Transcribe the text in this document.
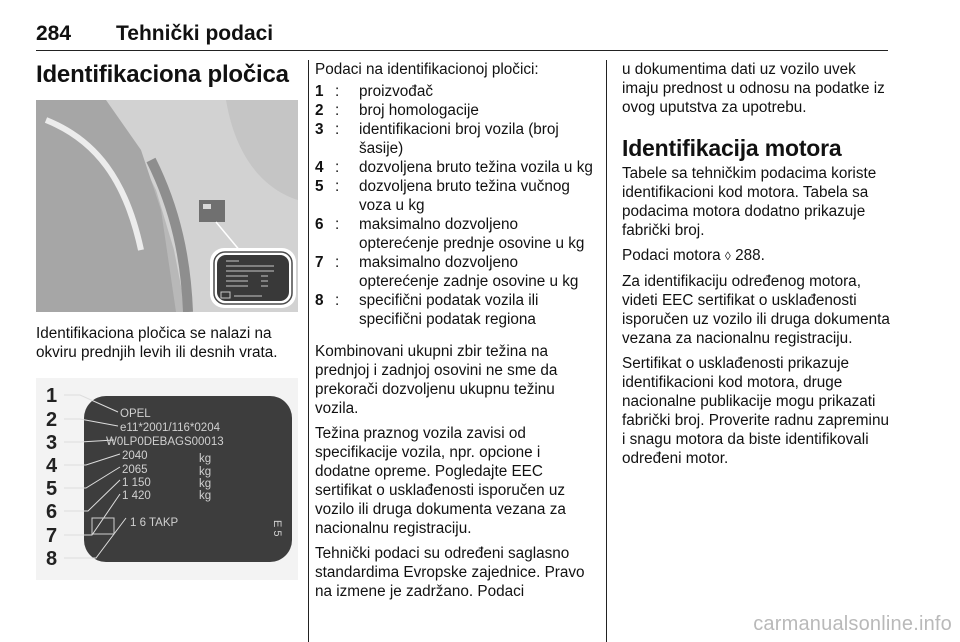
284 Tehnički podaci
Identifikaciona pločica

Identifikaciona pločica se nalazi na okviru prednjih levih ili desnih vrata.

1
2
3
4
5
6
7
8
OPEL
e11*2001/116*0204
W0LP0DEBAGS00013
2040
2065
1 150
1 420
kg
kg
kg
kg
1 6 TAKP	E 5

Podaci na identifikacionoj pločici:

1 : proizvođač
2 : broj homologacije
3 : identifikacioni broj vozila (broj šasije)
4 : dozvoljena bruto težina vozila u kg
5 : dozvoljena bruto težina vučnog voza u kg
6 : maksimalno dozvoljeno opterećenje prednje osovine u kg
7 : maksimalno dozvoljeno opterećenje zadnje osovine u kg
8 : specifični podatak vozila ili specifični podatak regiona

Kombinovani ukupni zbir težina na prednjoj i zadnjoj osovini ne sme da prekorači dozvoljenu ukupnu težinu vozila.

Težina praznog vozila zavisi od specifikacije vozila, npr. opcione i dodatne opreme. Pogledajte EEC sertifikat o usklađenosti isporučen uz vozilo ili druga dokumenta vezana za nacionalnu registraciju.

Tehnički podaci su određeni saglasno standardima Evropske zajednice. Pravo na izmene je zadržano. Podaci

u dokumentima dati uz vozilo uvek imaju prednost u odnosu na podatke iz ovog uputstva za upotrebu.

Identifikacija motora

Tabele sa tehničkim podacima koriste identifikacioni kod motora. Tabela sa podacima motora dodatno prikazuje fabrički broj.

Podaci motora ◊ 288.

Za identifikaciju određenog motora, videti EEC sertifikat o usklađenosti isporučen uz vozilo ili druga dokumenta vezana za nacionalnu registraciju.

Sertifikat o usklađenosti prikazuje identifikacioni kod motora, druge nacionalne publikacije mogu prikazati fabrički broj. Proverite radnu zapreminu i snagu motora da biste identifikovali određeni motor.

carmanualsonline.info
